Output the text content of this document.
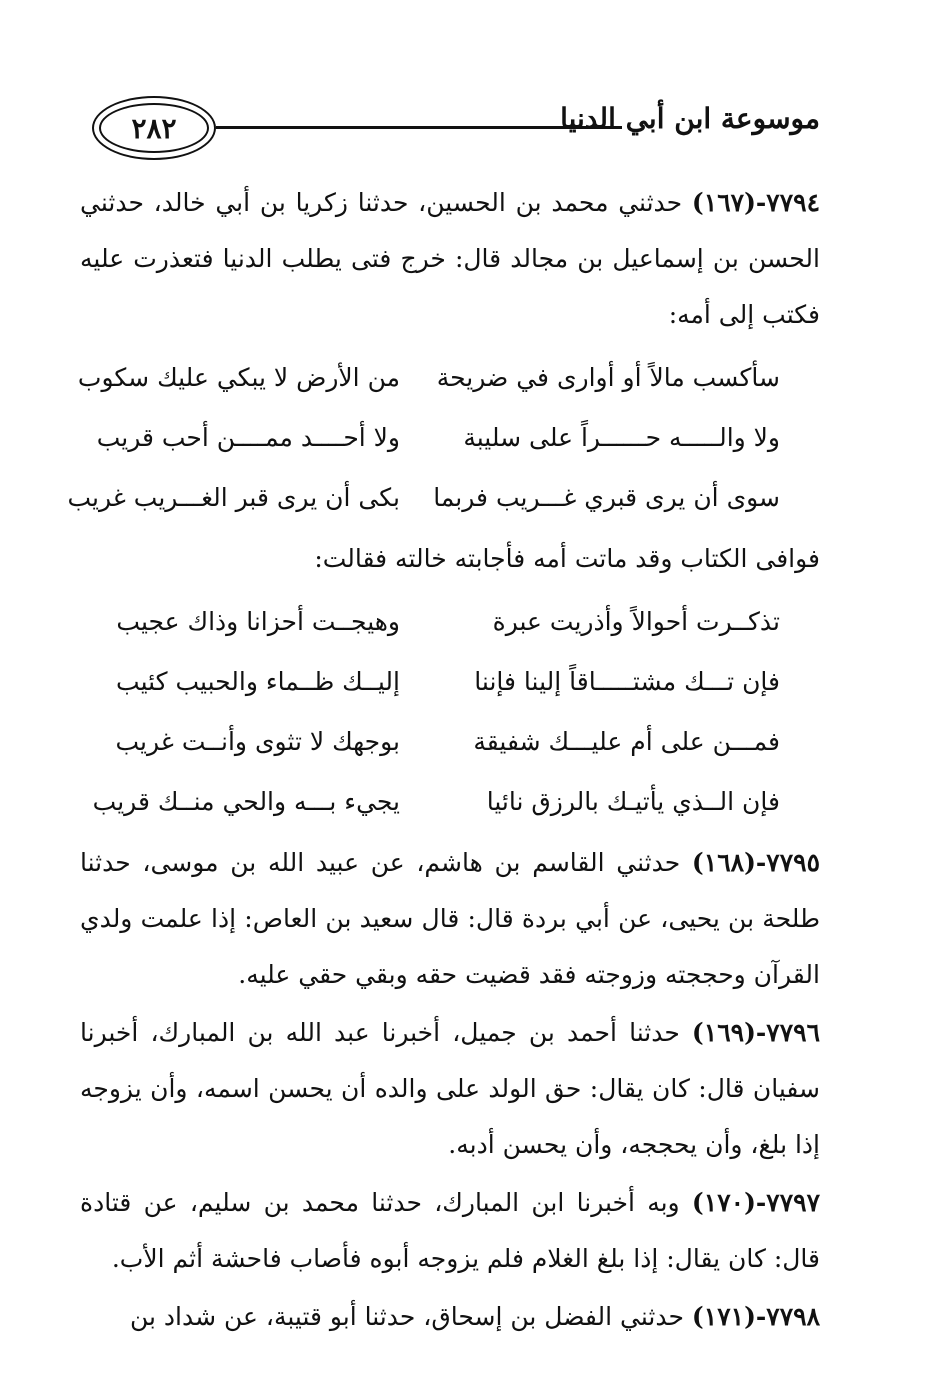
٢٨٢	موسوعة ابن أبي الدنيا

٧٧٩٤-(١٦٧) حدثني محمد بن الحسين، حدثنا زكريا بن أبي خالد، حدثني الحسن بن إسماعيل بن مجالد قال: خرج فتى يطلب الدنيا فتعذرت عليه فكتب إلى أمه:

سأكسب مالاً أو أوارى في ضريحة
من الأرض لا يبكي عليك سكوب
ولا والـــــه حــــــراً على سليبة
ولا أحــــد ممــــن أحب قريب
سوى أن يرى قبري غـــريب فربما
بكى أن يرى قبر الغـــريب غريب

فوافى الكتاب وقد ماتت أمه فأجابته خالته فقالت:

تذكــرت أحوالاً وأذريت عبرة
وهيجــت أحزانا وذاك عجيب
فإن تـــك مشتـــــاقاً إلينا فإننا
إليــك ظــماء والحبيب كئيب
فمـــن على أم عليـــك شفيقة
بوجهك لا تثوى وأنــت غريب
فإن الــذي يأتيـك بالرزق نائيا
يجيء بـــه والحي منــك قريب

٧٧٩٥-(١٦٨) حدثني القاسم بن هاشم، عن عبيد الله بن موسى، حدثنا طلحة بن يحيى، عن أبي بردة قال: قال سعيد بن العاص: إذا علمت ولدي القرآن وحججته وزوجته فقد قضيت حقه وبقي حقي عليه.

٧٧٩٦-(١٦٩) حدثنا أحمد بن جميل، أخبرنا عبد الله بن المبارك، أخبرنا سفيان قال: كان يقال: حق الولد على والده أن يحسن اسمه، وأن يزوجه إذا بلغ، وأن يحججه، وأن يحسن أدبه.

٧٧٩٧-(١٧٠) وبه أخبرنا ابن المبارك، حدثنا محمد بن سليم، عن قتادة قال: كان يقال: إذا بلغ الغلام فلم يزوجه أبوه فأصاب فاحشة أثم الأب.

٧٧٩٨-(١٧١) حدثني الفضل بن إسحاق، حدثنا أبو قتيبة، عن شداد بن
